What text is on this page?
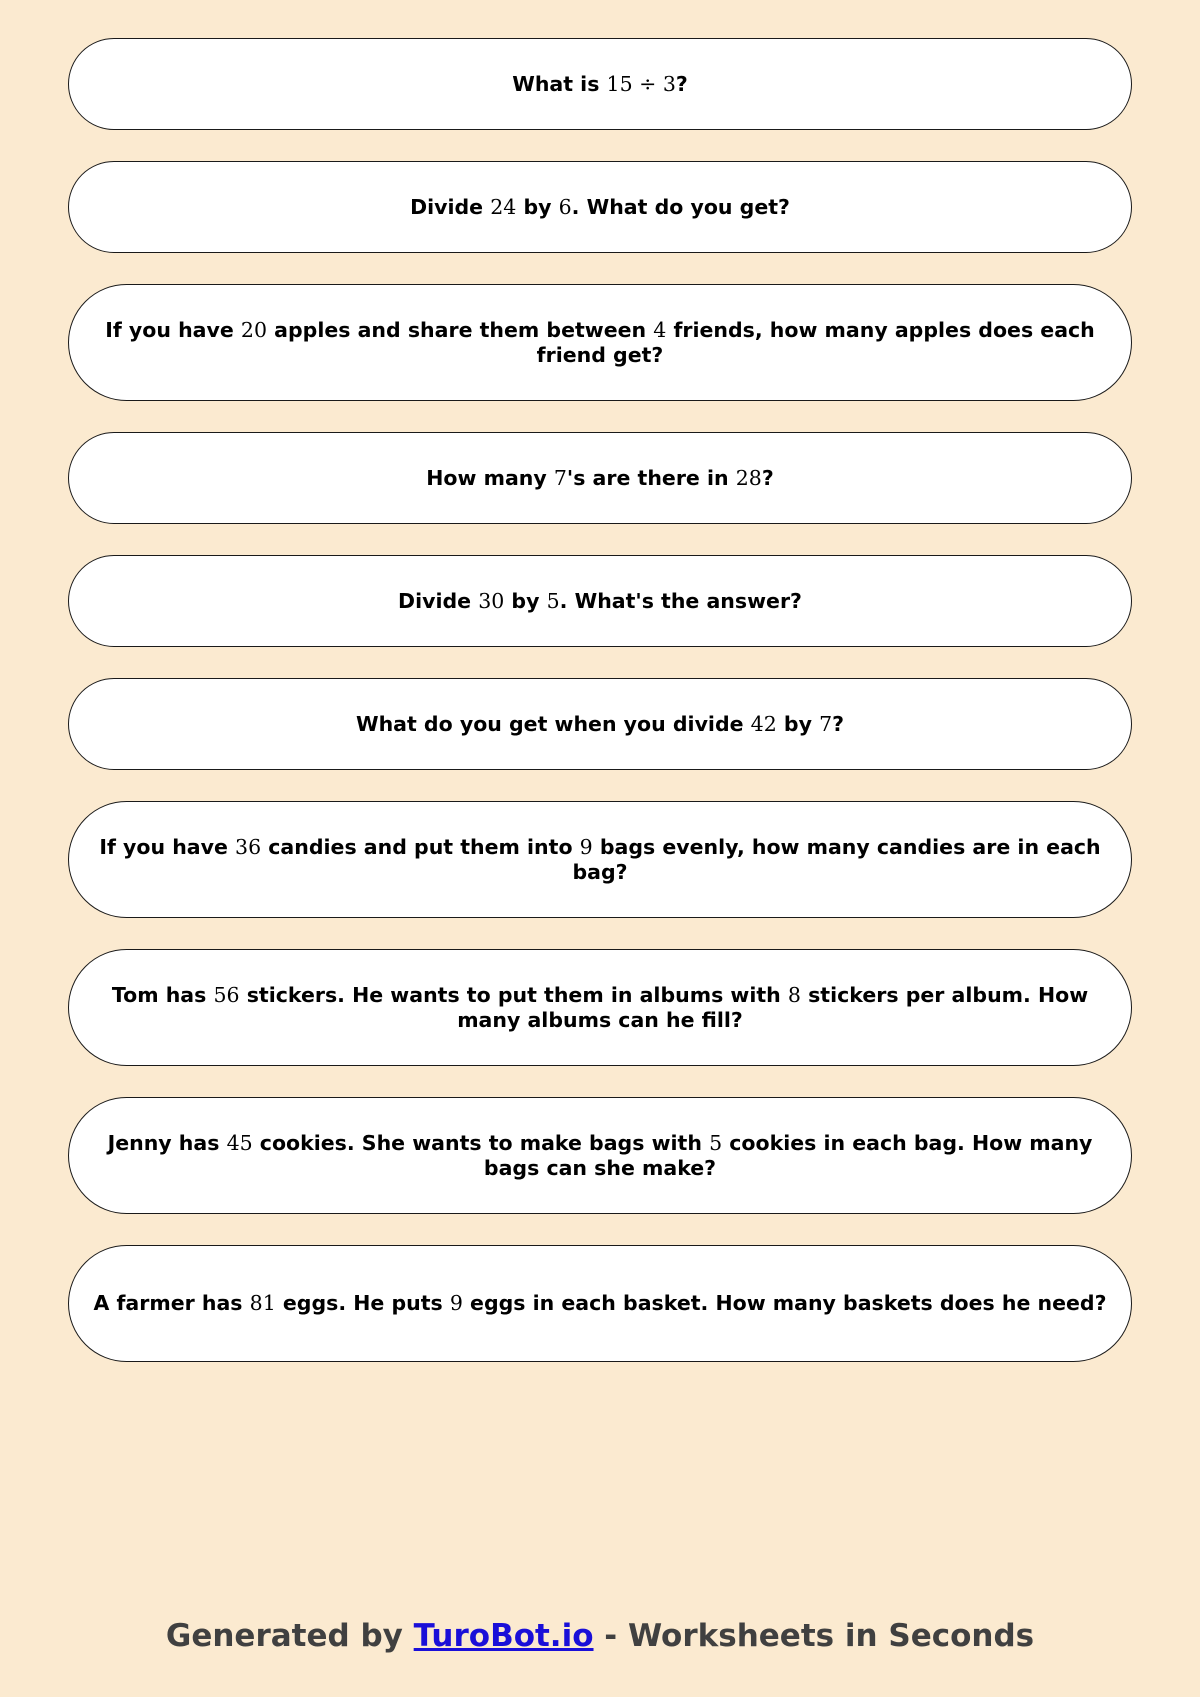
What is 15 ÷ 3?
Divide 24 by 6. What do you get?
If you have 20 apples and share them between 4 friends, how many apples does each friend get?
How many 7's are there in 28?
Divide 30 by 5. What's the answer?
What do you get when you divide 42 by 7?
If you have 36 candies and put them into 9 bags evenly, how many candies are in each bag?
Tom has 56 stickers. He wants to put them in albums with 8 stickers per album. How many albums can he fill?
Jenny has 45 cookies. She wants to make bags with 5 cookies in each bag. How many bags can she make?
A farmer has 81 eggs. He puts 9 eggs in each basket. How many baskets does he need?
Generated by TuroBot.io - Worksheets in Seconds
